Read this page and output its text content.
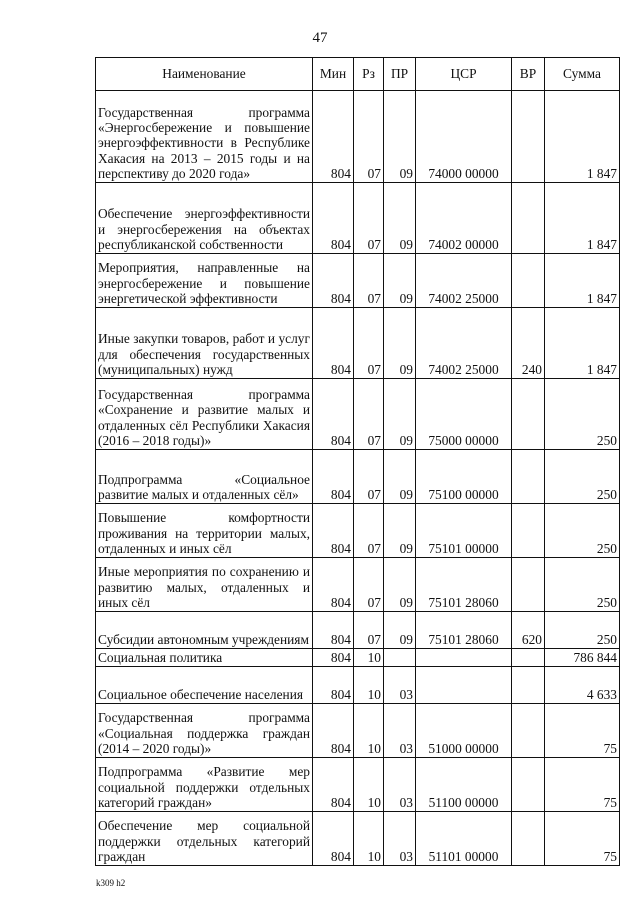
47
Наименование	Мин	Рз	ПР	ЦСР	ВР	Сумма
Государственная программа «Энергосбережение и повышение энергоэффективности в Республике Хакасия на 2013 – 2015 годы и на перспективу до 2020 года»	804	07	09	74000 00000		1 847
Обеспечение энергоэффективности и энергосбережения на объектах республиканской собственности	804	07	09	74002 00000		1 847
Мероприятия, направленные на энергосбережение и повышение энергетической эффективности	804	07	09	74002 25000		1 847
Иные закупки товаров, работ и услуг для обеспечения государственных (муниципальных) нужд	804	07	09	74002 25000	240	1 847
Государственная программа «Сохранение и развитие малых и отдаленных сёл Республики Хакасия (2016 – 2018 годы)»	804	07	09	75000 00000		250
Подпрограмма «Социальное развитие малых и отдаленных сёл»	804	07	09	75100 00000		250
Повышение комфортности проживания на территории малых, отдаленных и иных сёл	804	07	09	75101 00000		250
Иные мероприятия по сохранению и развитию малых, отдаленных и иных сёл	804	07	09	75101 28060		250
Субсидии автономным учреждениям	804	07	09	75101 28060	620	250
Социальная политика	804	10				786 844
Социальное обеспечение населения	804	10	03			4 633
Государственная программа «Социальная поддержка граждан (2014 – 2020 годы)»	804	10	03	51000 00000		75
Подпрограмма «Развитие мер социальной поддержки отдельных категорий граждан»	804	10	03	51100 00000		75
Обеспечение мер социальной поддержки отдельных категорий граждан	804	10	03	51101 00000		75
k309 h2
